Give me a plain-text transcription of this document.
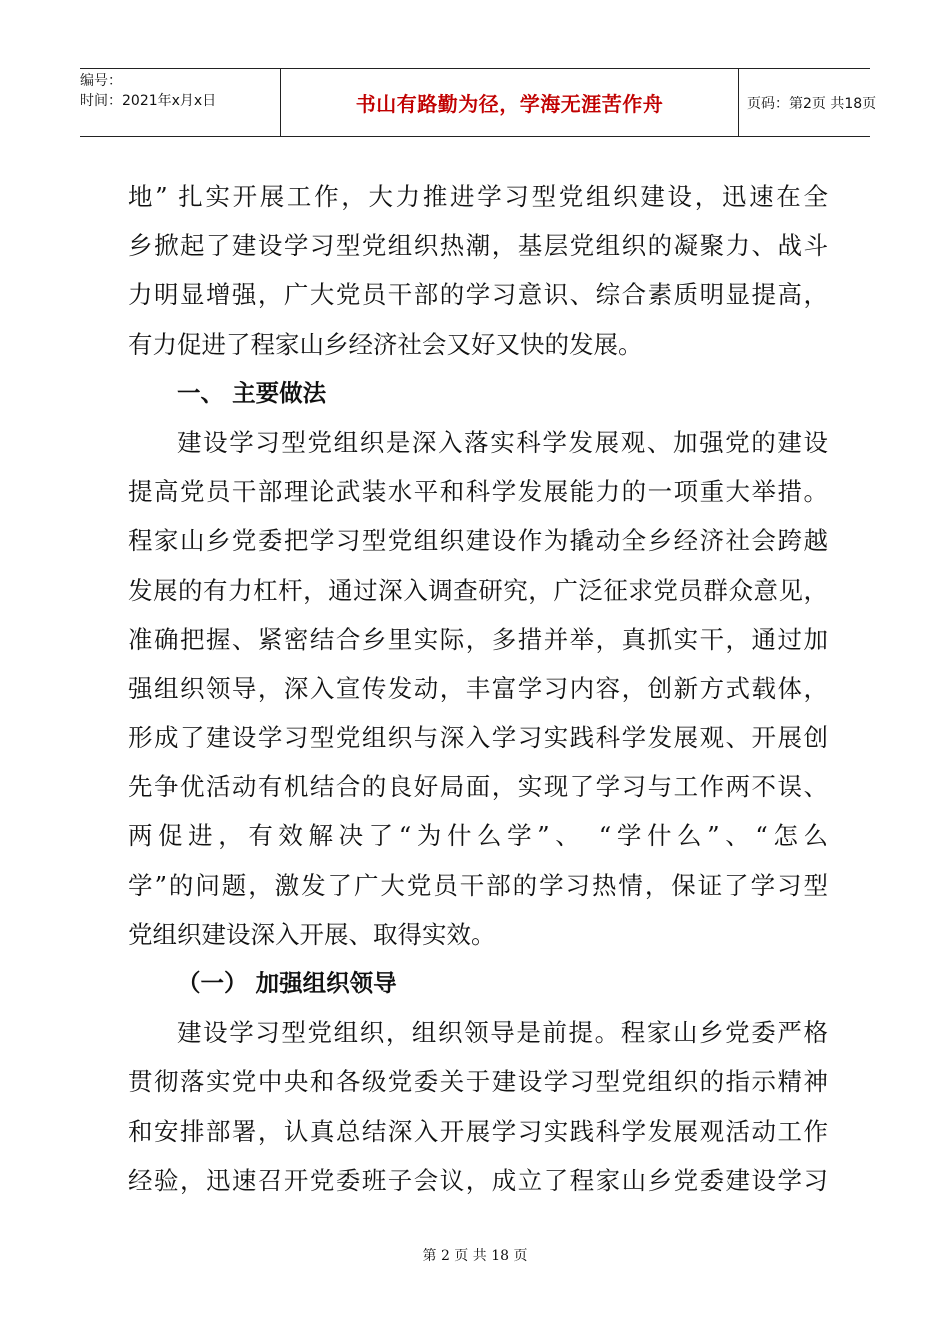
编号：
时间：2021年x月x日	书山有路勤为径，学海无涯苦作舟	页码：第2页 共18页
地” 扎实开展工作，大力推进学习型党组织建设，迅速在全
乡掀起了建设学习型党组织热潮，基层党组织的凝聚力、战斗
力明显增强，广大党员干部的学习意识、综合素质明显提高，
有力促进了程家山乡经济社会又好又快的发展。
一、 主要做法
建设学习型党组织是深入落实科学发展观、加强党的建设
提高党员干部理论武装水平和科学发展能力的一项重大举措。
程家山乡党委把学习型党组织建设作为撬动全乡经济社会跨越
发展的有力杠杆，通过深入调查研究，广泛征求党员群众意见，
准确把握、紧密结合乡里实际，多措并举，真抓实干，通过加
强组织领导，深入宣传发动，丰富学习内容，创新方式载体，
形成了建设学习型党组织与深入学习实践科学发展观、开展创
先争优活动有机结合的良好局面，实现了学习与工作两不误、
两促进，有效解决了“为什么学”、 “学什么”、“怎么
学”的问题，激发了广大党员干部的学习热情，保证了学习型
党组织建设深入开展、取得实效。
（一） 加强组织领导
建设学习型党组织，组织领导是前提。程家山乡党委严格
贯彻落实党中央和各级党委关于建设学习型党组织的指示精神
和安排部署，认真总结深入开展学习实践科学发展观活动工作
经验，迅速召开党委班子会议，成立了程家山乡党委建设学习
第 2 页 共 18 页
